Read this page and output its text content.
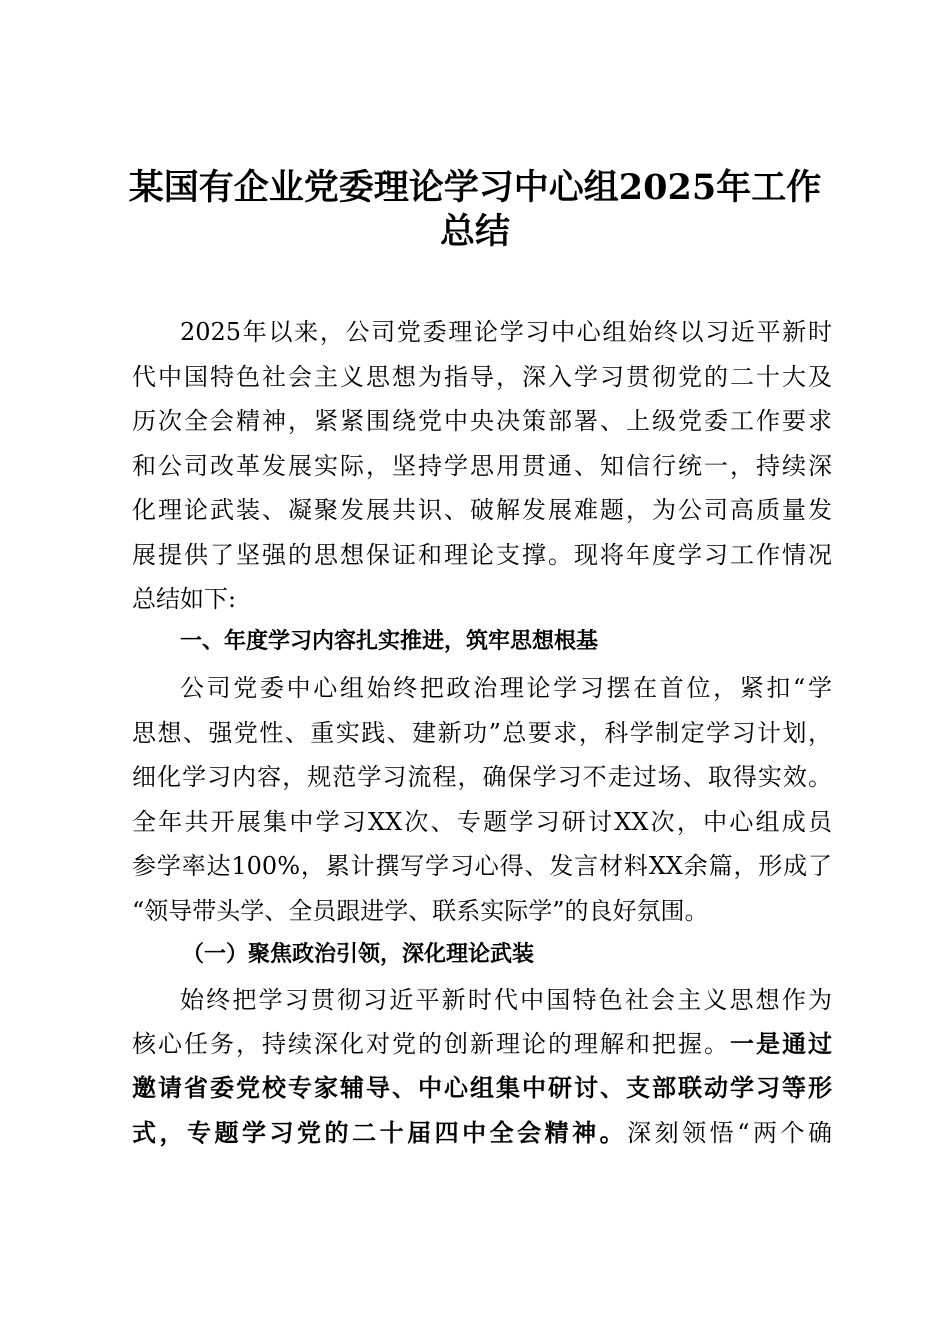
某国有企业党委理论学习中心组2025年工作
总结

2025年以来，公司党委理论学习中心组始终以习近平新时

代中国特色社会主义思想为指导，深入学习贯彻党的二十大及

历次全会精神，紧紧围绕党中央决策部署、上级党委工作要求

和公司改革发展实际，坚持学思用贯通、知信行统一，持续深

化理论武装、凝聚发展共识、破解发展难题，为公司高质量发

展提供了坚强的思想保证和理论支撑。现将年度学习工作情况

总结如下:

一、年度学习内容扎实推进，筑牢思想根基

公司党委中心组始终把政治理论学习摆在首位，紧扣“学

思想、强党性、重实践、建新功”总要求，科学制定学习计划，

细化学习内容，规范学习流程，确保学习不走过场、取得实效。

全年共开展集中学习XX次、专题学习研讨XX次，中心组成员

参学率达100%，累计撰写学习心得、发言材料XX余篇，形成了

“领导带头学、全员跟进学、联系实际学”的良好氛围。

（一）聚焦政治引领，深化理论武装

始终把学习贯彻习近平新时代中国特色社会主义思想作为

核心任务，持续深化对党的创新理论的理解和把握。一是通过

邀请省委党校专家辅导、中心组集中研讨、支部联动学习等形

式，专题学习党的二十届四中全会精神。深刻领悟“两个确
